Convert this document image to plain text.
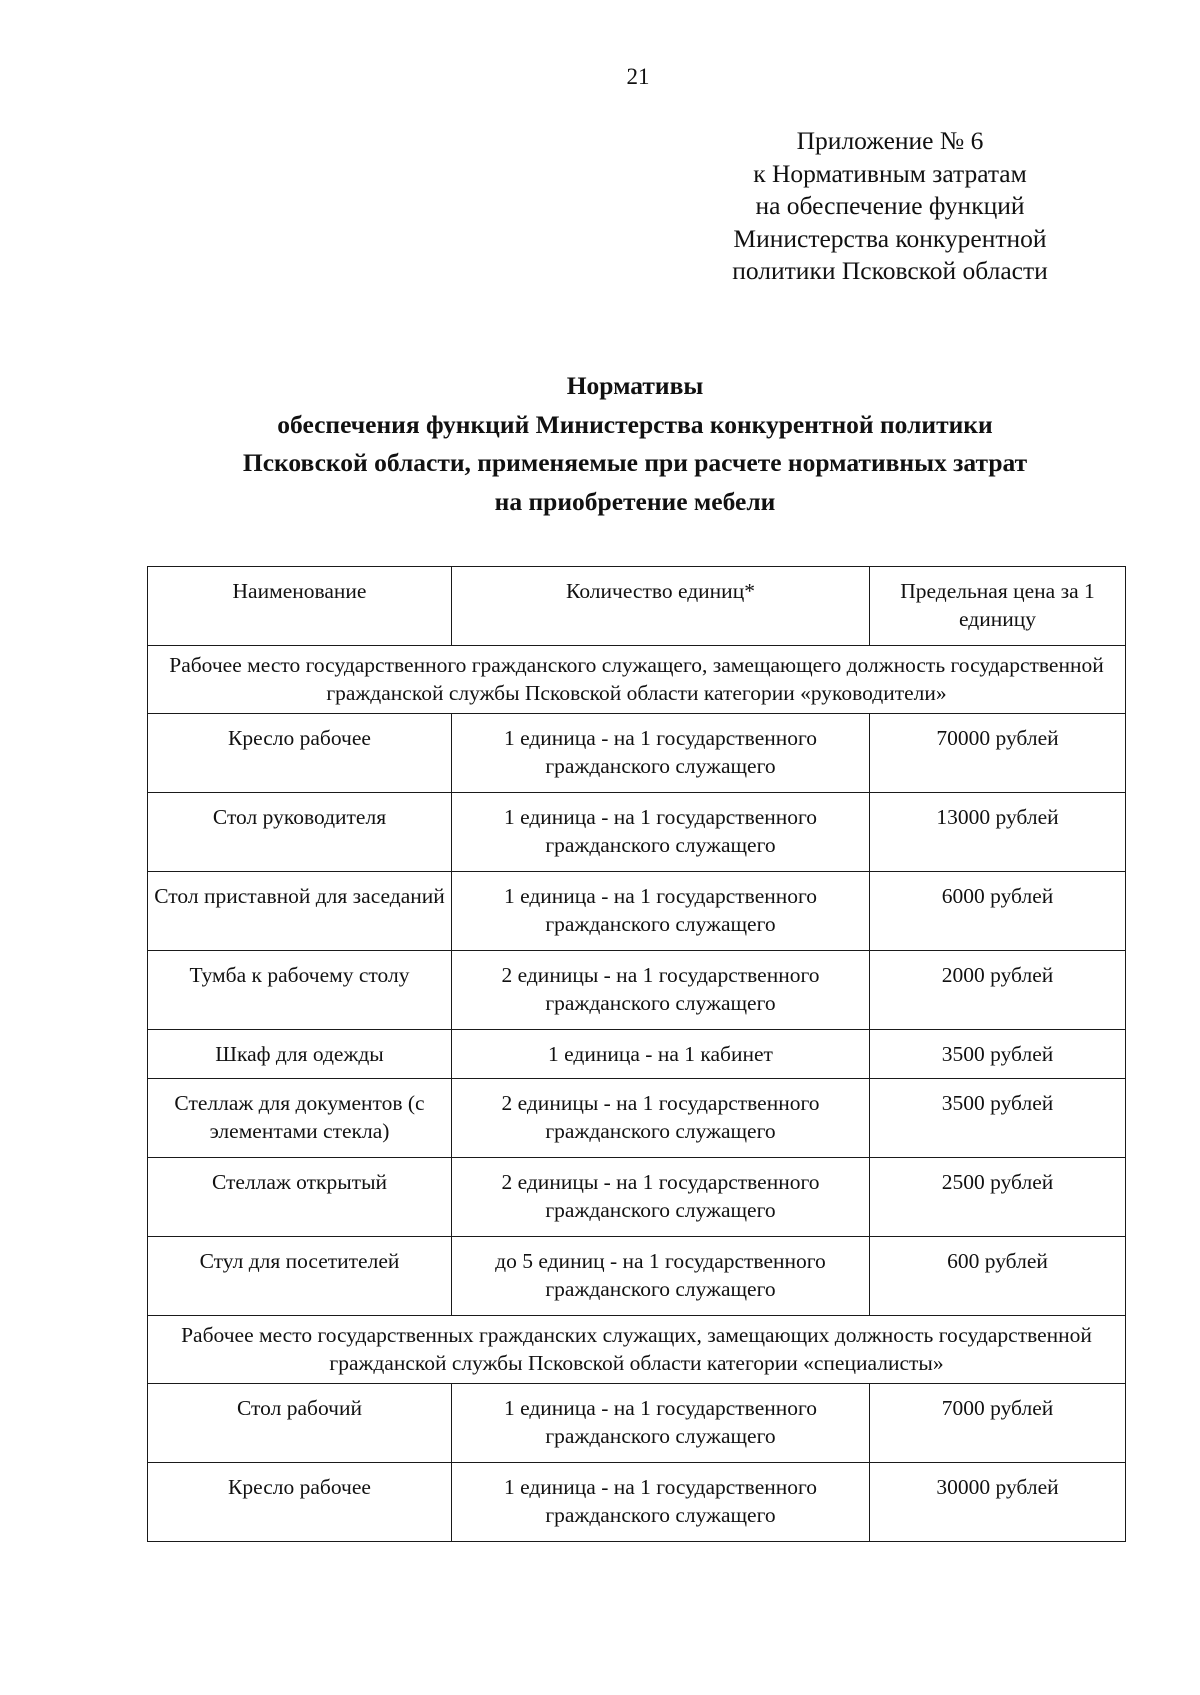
21
Приложение № 6
к Нормативным затратам
на обеспечение функций
Министерства конкурентной
политики Псковской области
Нормативы
обеспечения функций Министерства конкурентной политики
Псковской области, применяемые при расчете нормативных затрат
на приобретение мебели
Наименование	Количество единиц*	Предельная цена за 1 единицу
Рабочее место государственного гражданского служащего, замещающего должность государственной гражданской службы Псковской области категории «руководители»		
Кресло рабочее	1 единица - на 1 государственного гражданского служащего	70000 рублей
Стол руководителя	1 единица - на 1 государственного гражданского служащего	13000 рублей
Стол приставной для заседаний	1 единица - на 1 государственного гражданского служащего	6000 рублей
Тумба к рабочему столу	2 единицы - на 1 государственного гражданского служащего	2000 рублей
Шкаф для одежды	1 единица - на 1 кабинет	3500 рублей
Стеллаж для документов (с элементами стекла)	2 единицы - на 1 государственного гражданского служащего	3500 рублей
Стеллаж открытый	2 единицы - на 1 государственного гражданского служащего	2500 рублей
Стул для посетителей	до 5 единиц - на 1 государственного гражданского служащего	600 рублей
Рабочее место государственных гражданских служащих, замещающих должность государственной гражданской службы Псковской области категории «специалисты»		
Стол рабочий	1 единица - на 1 государственного гражданского служащего	7000 рублей
Кресло рабочее	1 единица - на 1 государственного гражданского служащего	30000 рублей
